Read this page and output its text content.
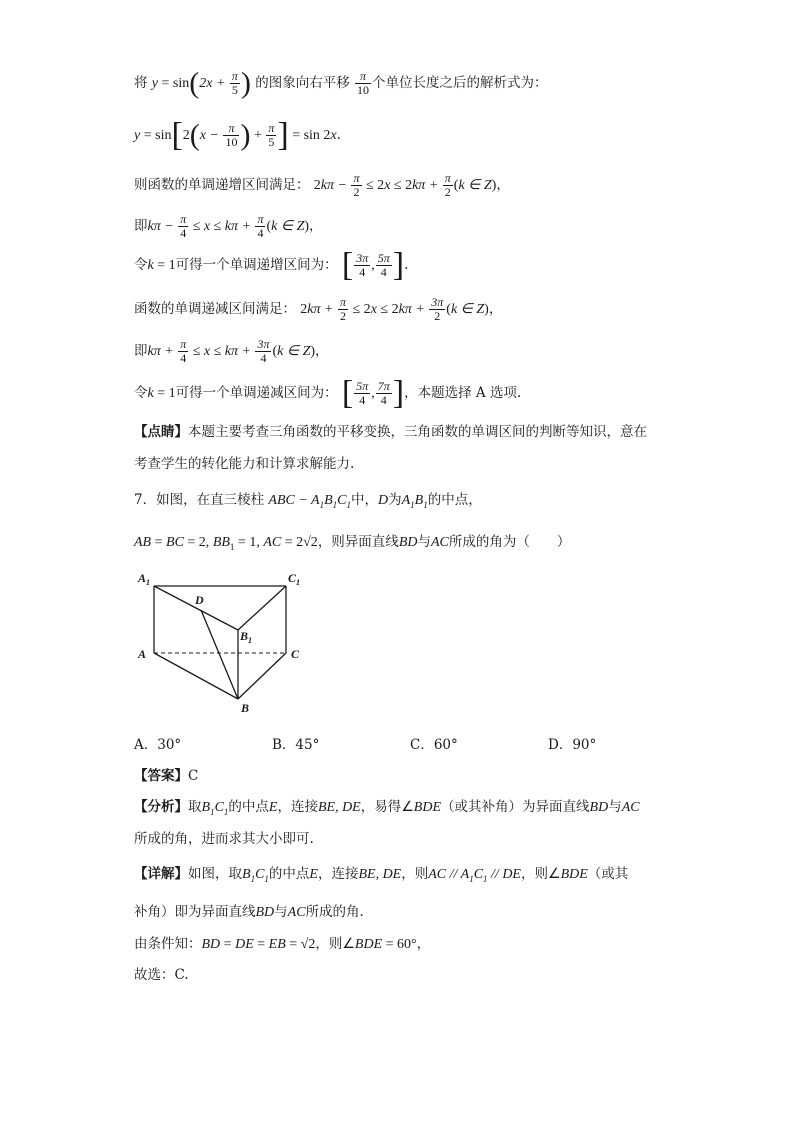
将 $y = \sin(2x + \frac{\pi}{5}$ ) 的图象向右平移 $\frac{\pi}{10}$ 个单位长度之后的解析式为：
$y = \sin[2(x - \frac{\pi}{10}$ ) + $\frac{\pi}{5}$ ] = sin 2x.
则函数的单调递增区间满足： $2k\pi - \frac{\pi}{2} \le 2x \le 2k\pi + \frac{\pi}{2} (k$ ∈ Z)，
即$k\pi - \frac{\pi}{4} \le x \le k\pi + \frac{\pi}{4} (k$ ∈ Z)，
令k = 1可得一个单调递增区间为： [ $\frac{3\pi}{4}$ , $\frac{5\pi}{4}$ ].
函数的单调递减区间满足： $2k\pi + \frac{\pi}{2} \le 2x \le 2k\pi + \frac{3\pi}{2} (k$ ∈ Z)，
即$k\pi + \frac{\pi}{4} \le x \le k\pi + \frac{3\pi}{4} (k$ ∈ Z)，
令k = 1可得一个单调递减区间为： [ $\frac{5\pi}{4}$ , $\frac{7\pi}{4}$ ]，本题选择 A 选项.
【点睛】本题主要考查三角函数的平移变换，三角函数的单调区间的判断等知识，意在
考查学生的转化能力和计算求解能力.
7．如图，在直三棱柱 ABC − $A_1B_1C_1$中，D为$A_1B_1$的中点，
AB = BC = 2, $BB_1 = 1$, AC = 2√2，则异面直线BD与AC所成的角为（　　）
$A_1$	$C_1$
D
$B_1$
A	C
B
A．30°	B．45°	C．60°	D．90°
【答案】C
【分析】取$B_1C_1$的中点E，连接BE, DE，易得∠BDE（或其补角）为异面直线BD与AC
所成的角，进而求其大小即可.
【详解】如图，取$B_1C_1$的中点E，连接BE, DE，则AC // $A_1C_1$ // DE，则∠BDE（或其
补角）即为异面直线BD与AC所成的角.
由条件知：BD = DE = EB = √2，则∠BDE = 60°，
故选：C.
